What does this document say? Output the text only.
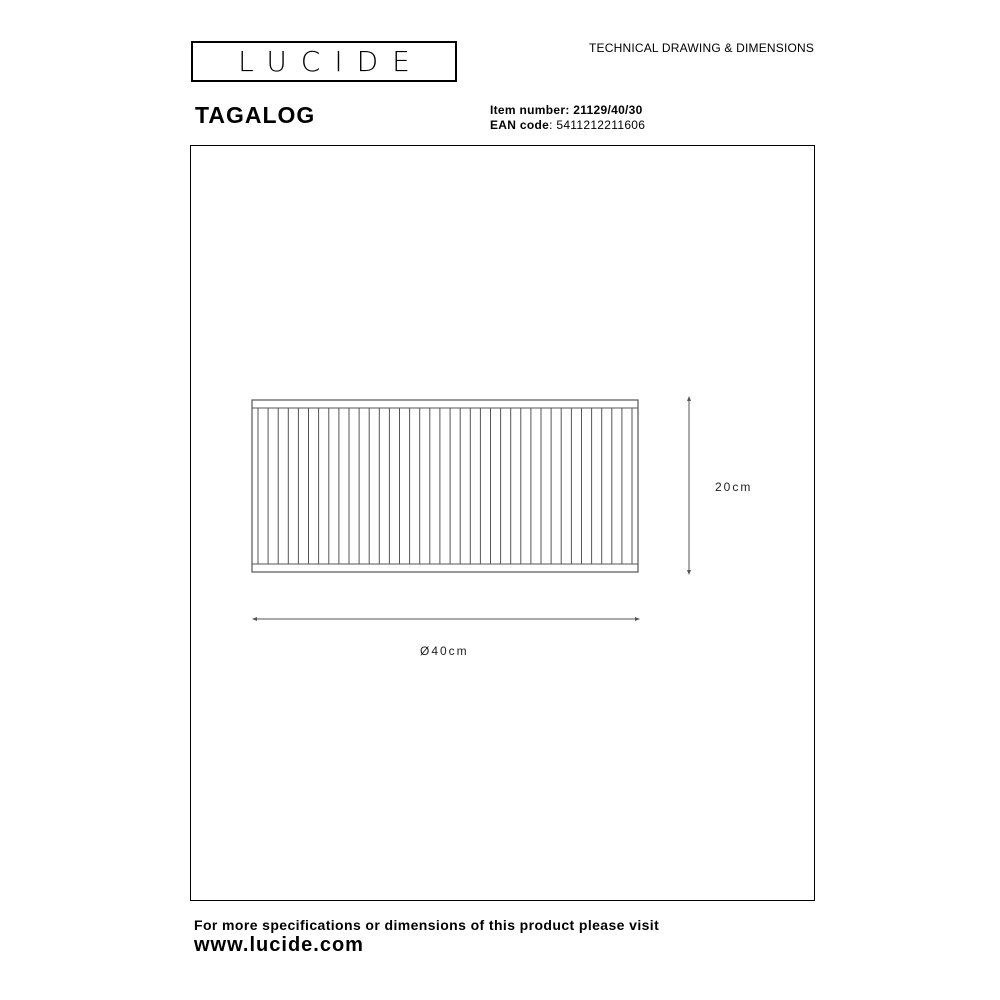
LUCIDE	TECHNICAL DRAWING & DIMENSIONS
TAGALOG	Item number: 21129/40/30
EAN code: 5411212211606
20cm
Ø40cm
For more specifications or dimensions of this product please visit
www.lucide.com
